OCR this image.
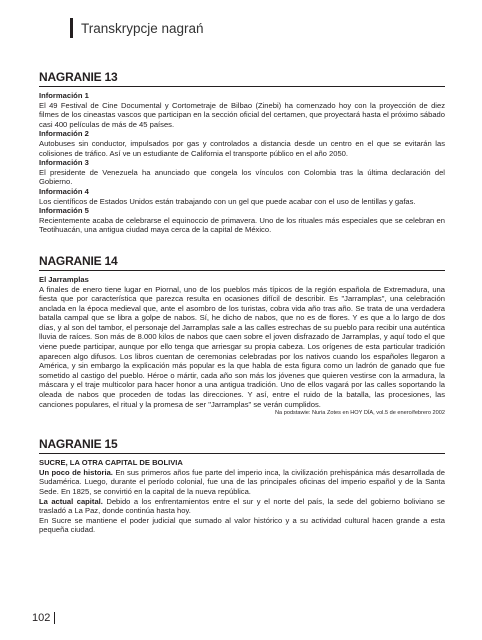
Transkrypcje nagrań
NAGRANIE 13

Información 1

El 49 Festival de Cine Documental y Cortometraje de Bilbao (Zinebi) ha comenzado hoy con la proyección de diez filmes de los cineastas vascos que participan en la sección oficial del certamen, que proyectará hasta el próximo sábado casi 400 películas de más de 45 países.

Información 2

Autobuses sin conductor, impulsados por gas y controlados a distancia desde un centro en el que se evitarán las colisiones de tráfico. Así ve un estudiante de California el transporte público en el año 2050.

Información 3

El presidente de Venezuela ha anunciado que congela los vínculos con Colombia tras la última declaración del Gobierno.

Información 4

Los científicos de Estados Unidos están trabajando con un gel que puede acabar con el uso de lentillas y gafas.

Información 5

Recientemente acaba de celebrarse el equinoccio de primavera. Uno de los rituales más especiales que se celebran en Teotihuacán, una antigua ciudad maya cerca de la capital de México.

NAGRANIE 14

El Jarramplas

A finales de enero tiene lugar en Piornal, uno de los pueblos más típicos de la región española de Extremadura, una fiesta que por característica que parezca resulta en ocasiones difícil de describir. Es "Jarramplas", una celebración anclada en la época medieval que, ante el asombro de los turistas, cobra vida año tras año. Se trata de una verdadera batalla campal que se libra a golpe de nabos. Sí, he dicho de nabos, que no es de flores. Y es que a lo largo de dos días, y al son del tambor, el personaje del Jarramplas sale a las calles estrechas de su pueblo para recibir una auténtica lluvia de raíces. Son más de 8.000 kilos de nabos que caen sobre el joven disfrazado de Jarramplas, y aquí todo el que viene puede participar, aunque por ello tenga que arriesgar su propia cabeza. Los orígenes de esta particular tradición aparecen algo difusos. Los libros cuentan de ceremonias celebradas por los nativos cuando los españoles llegaron a América, y sin embargo la explicación más popular es la que habla de esta figura como un ladrón de ganado que fue sometido al castigo del pueblo. Héroe o mártir, cada año son más los jóvenes que quieren vestirse con la armadura, la máscara y el traje multicolor para hacer honor a una antigua tradición. Uno de ellos vagará por las calles soportando la oleada de nabos que proceden de todas las direcciones. Y así, entre el ruido de la batalla, las procesiones, las canciones populares, el ritual y la promesa de ser "Jarramplas" se verán cumplidos.

Na podstawie: Nuria Zotes en HOY DÍA, vol.5 de enero/febrero 2002

NAGRANIE 15

SUCRE, LA OTRA CAPITAL DE BOLIVIA

Un poco de historia. En sus primeros años fue parte del imperio inca, la civilización prehispánica más desarrollada de Sudamérica. Luego, durante el período colonial, fue una de las principales oficinas del imperio español y de la Santa Sede. En 1825, se convirtió en la capital de la nueva república.

La actual capital. Debido a los enfrentamientos entre el sur y el norte del país, la sede del gobierno boliviano se trasladó a La Paz, donde continúa hasta hoy.

En Sucre se mantiene el poder judicial que sumado al valor histórico y a su actividad cultural hacen grande a esta pequeña ciudad.

102
